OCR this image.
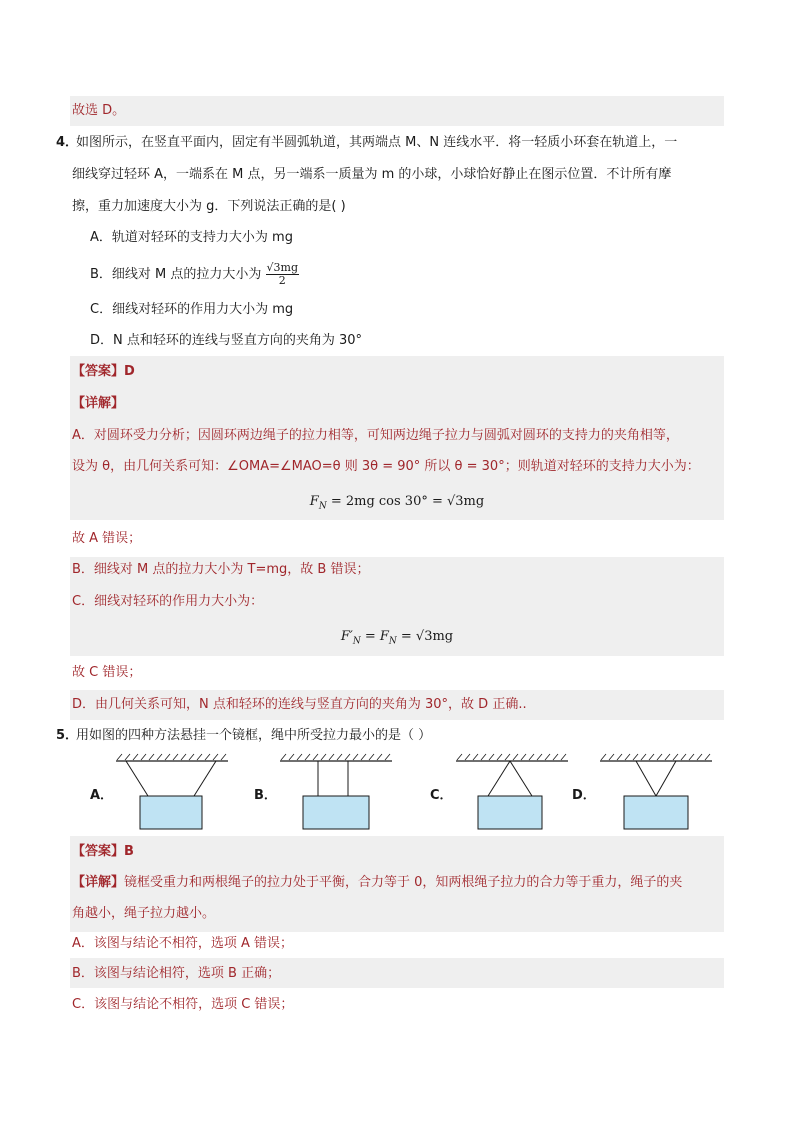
故选 D。
4．
如图所示，在竖直平面内，固定有半圆弧轨道，其两端点 M、N 连线水平．将一轻质小环套在轨道上，一
细线穿过轻环 A，一端系在 M 点，另一端系一质量为 m 的小球，小球恰好静止在图示位置．不计所有摩
擦，重力加速度大小为 g．下列说法正确的是( )
A．轨道对轻环的支持力大小为 mg
B．细线对 M 点的拉力大小为 $\frac{√3mg}{2}$
C．细线对轻环的作用力大小为 mg
D．N 点和轻环的连线与竖直方向的夹角为 30°
【答案】D
【详解】
A．对圆环受力分析；因圆环两边绳子的拉力相等，可知两边绳子拉力与圆弧对圆环的支持力的夹角相等，
设为 θ，由几何关系可知：∠OMA=∠MAO=θ 则 3θ = 90° 所以 θ = 30°；则轨道对轻环的支持力大小为：
$F_N = 2mg$ cos 30° = √3mg
故 A 错误；
B．细线对 M 点的拉力大小为 T=mg，故 B 错误；
C．细线对轻环的作用力大小为：
$F'_N = F_N = √3mg$
故 C 错误；
D．由几何关系可知，N 点和轻环的连线与竖直方向的夹角为 30°，故 D 正确..
5．
用如图的四种方法悬挂一个镜框，绳中所受拉力最小的是（ ）
A．	B．	C．	D．
【答案】B
【详解】镜框受重力和两根绳子的拉力处于平衡，合力等于 0，知两根绳子拉力的合力等于重力，绳子的夹
角越小，绳子拉力越小。
A．该图与结论不相符，选项 A 错误；
B．该图与结论相符，选项 B 正确；
C．该图与结论不相符，选项 C 错误；
